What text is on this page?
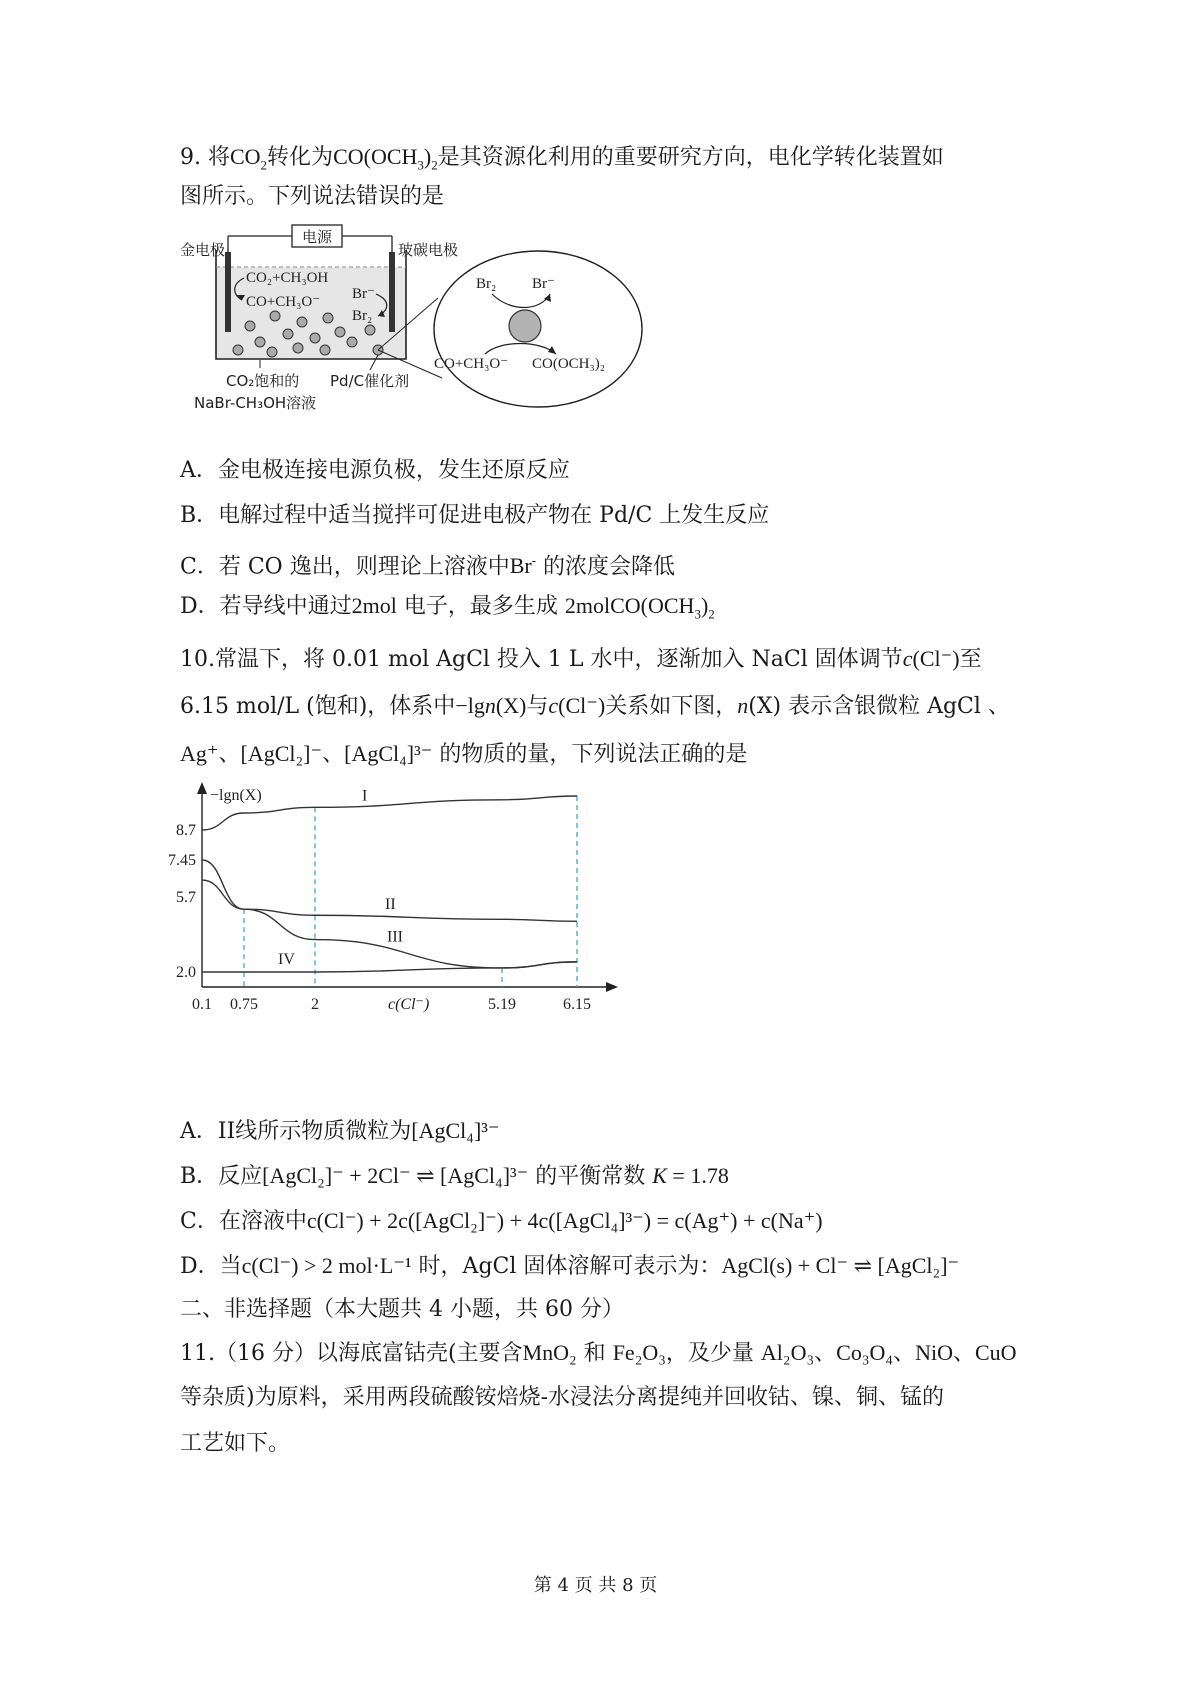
9. 将$CO_2$转化为$CO(OCH_3)_2$是其资源化利用的重要研究方向，电化学转化装置如
图所示。下列说法错误的是
电源
金电极	玻碳电极
CO₂+CH₃OH
CO+CH₃O⁻ Br⁻
Br₂
Br₂ Br⁻
CO+CH₃O⁻ CO(OCH₃)₂
CO₂饱和的
NaBr-CH₃OH溶液
Pd/C催化剂
A．金电极连接电源负极，发生还原反应
B．电解过程中适当搅拌可促进电极产物在 Pd/C 上发生反应
C．若 CO 逸出，则理论上溶液中Br- 的浓度会降低
D．若导线中通过2mol 电子，最多生成 $2molCO(OCH_3)_2$
10.常温下，将 0.01 mol AgCl 投入 1 L 水中，逐渐加入 NaCl 固体调节c(Cl⁻)至
6.15 mol/L (饱和)，体系中−lgn(X)与c(Cl⁻)关系如下图，n(X) 表示含银微粒 AgCl 、
Ag⁺、[AgCl₂]⁻、[AgCl₄]³⁻ 的物质的量，下列说法正确的是
8.7
7.45
5.7
2.0
0.1 0.75	2	5.19	6.15
−lgn(X)
c(Cl⁻)
I
II
III
IV
A．II线所示物质微粒为[AgCl₄]³⁻
B．反应[AgCl₂]⁻ + 2Cl⁻ ⇌ [AgCl₄]³⁻ 的平衡常数 K = 1.78
C．在溶液中c(Cl⁻) + 2c([AgCl₂]⁻) + 4c([AgCl₄]³⁻) = c(Ag⁺) + c(Na⁺)
D．当c(Cl⁻) > 2 mol·L⁻¹ 时，AgCl 固体溶解可表示为：AgCl(s) + Cl⁻ ⇌ [AgCl₂]⁻
二、非选择题（本大题共 4 小题，共 60 分）
11.（16 分）以海底富钴壳(主要含MnO₂ 和 Fe₂O₃，及少量 Al₂O₃、Co₃O₄、NiO、CuO
等杂质)为原料，采用两段硫酸铵焙烧-水浸法分离提纯并回收钴、镍、铜、锰的
工艺如下。
第 4 页 共 8 页
